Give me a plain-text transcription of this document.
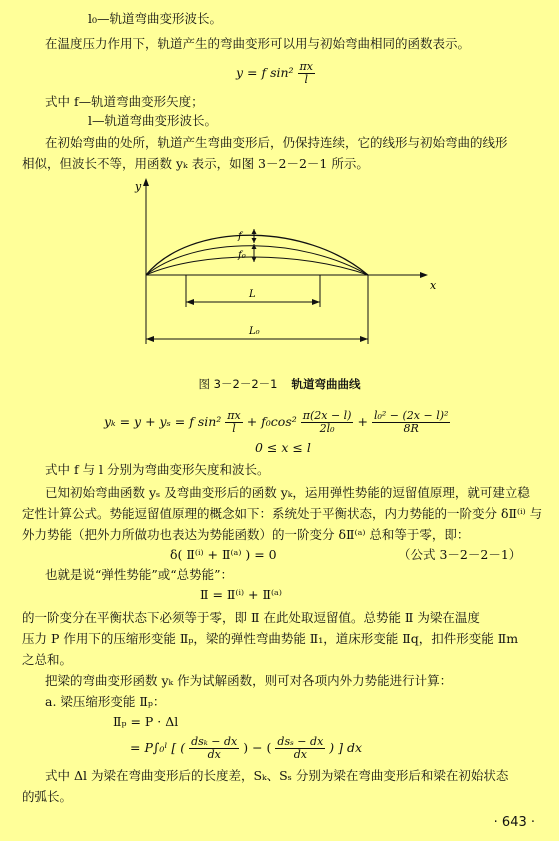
l₀—轨道弯曲变形波长。
在温度压力作用下，轨道产生的弯曲变形可以用与初始弯曲相同的函数表示。
y = f $\sin^2 \frac{\pi x}{l}$
式中 f—轨道弯曲变形矢度；
l—轨道弯曲变形波长。
在初始弯曲的处所，轨道产生弯曲变形后，仍保持连续，它的线形与初始弯曲的线形
相似，但波长不等，用函数 yₖ 表示，如图 3－2－2－1 所示。
y
x
f
f₀
L
L₀
图 3－2－2－1 轨道弯曲曲线
yₖ = y + yₛ = f $\sin^2 \frac{\pi x}{l} + f_0\cos^2 \frac{\pi(2x - l)}{\text{2l₀}} + \frac{\text{l₀² − (2x − l)²}}{8R}$
0 ≤ x ≤ l
式中 f 与 l 分别为弯曲变形矢度和波长。
已知初始弯曲函数 yₛ 及弯曲变形后的函数 yₖ，运用弹性势能的逗留值原理，就可建立稳
定性计算公式。势能逗留值原理的概念如下：系统处于平衡状态，内力势能的一阶变分 δⅡ⁽ⁱ⁾ 与
外力势能（把外力所做功也表达为势能函数）的一阶变分 δⅡ⁽ᵃ⁾ 总和等于零，即：
δ( Ⅱ⁽ⁱ⁾ + Ⅱ⁽ᵃ⁾ ) = 0	（公式 3－2－2－1）
也就是说“弹性势能”或“总势能”：
Ⅱ = Ⅱ⁽ⁱ⁾ + Ⅱ⁽ᵃ⁾
的一阶变分在平衡状态下必须等于零，即 Ⅱ 在此处取逗留值。总势能 Ⅱ 为梁在温度
压力 P 作用下的压缩形变能 Ⅱₚ，梁的弹性弯曲势能 Ⅱ₁，道床形变能 Ⅱq，扣件形变能 Ⅱm
之总和。
把梁的弯曲变形函数 yₖ 作为试解函数，则可对各项内外力势能进行计算：
a. 梁压缩形变能 Ⅱₚ：
Ⅱₚ = P · Δl
= P∫₀ˡ [ ( $\frac{\text{dsₖ − dx}}{dx}$ ) − ( $\frac{\text{dsₛ − dx}}{dx}$ ) ] dx
式中 Δl 为梁在弯曲变形后的长度差，Sₖ、Sₛ 分别为梁在弯曲变形后和梁在初始状态
的弧长。
· 643 ·
